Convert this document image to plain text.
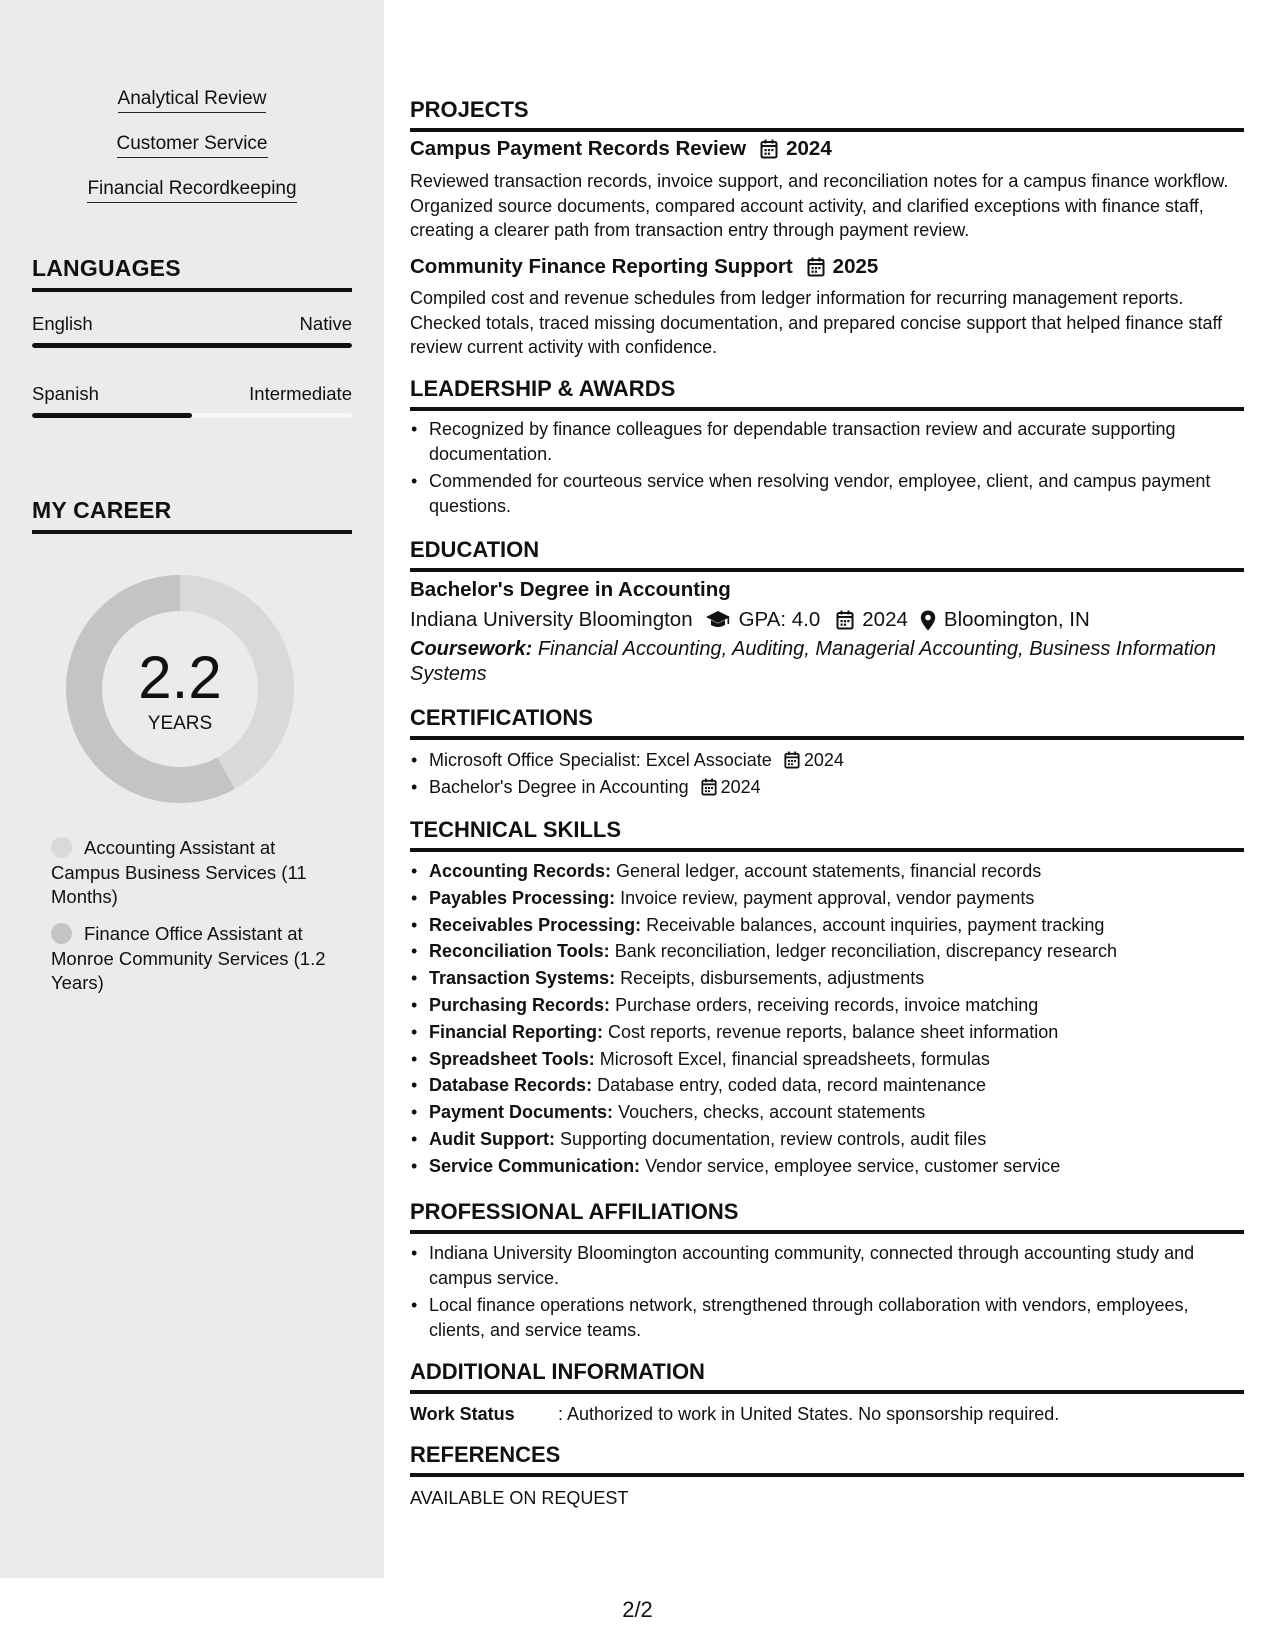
Analytical Review
Customer Service
Financial Recordkeeping
LANGUAGES
English	Native
Spanish	Intermediate
MY CAREER
2.2
YEARS
Accounting Assistant at Campus Business Services (11 Months)
Finance Office Assistant at Monroe Community Services (1.2 Years)
PROJECTS
Campus Payment Records Review 2024
Reviewed transaction records, invoice support, and reconciliation notes for a campus finance workflow. Organized source documents, compared account activity, and clarified exceptions with finance staff, creating a clearer path from transaction entry through payment review.
Community Finance Reporting Support 2025
Compiled cost and revenue schedules from ledger information for recurring management reports. Checked totals, traced missing documentation, and prepared concise support that helped finance staff review current activity with confidence.
LEADERSHIP & AWARDS
• Recognized by finance colleagues for dependable transaction review and accurate supporting documentation.
• Commended for courteous service when resolving vendor, employee, client, and campus payment questions.
EDUCATION
Bachelor's Degree in Accounting
Indiana University Bloomington GPA: 4.0 2024 Bloomington, IN
Coursework: Financial Accounting, Auditing, Managerial Accounting, Business Information Systems
CERTIFICATIONS
• Microsoft Office Specialist: Excel Associate 2024
• Bachelor's Degree in Accounting 2024
TECHNICAL SKILLS
• Accounting Records: General ledger, account statements, financial records
• Payables Processing: Invoice review, payment approval, vendor payments
• Receivables Processing: Receivable balances, account inquiries, payment tracking
• Reconciliation Tools: Bank reconciliation, ledger reconciliation, discrepancy research
• Transaction Systems: Receipts, disbursements, adjustments
• Purchasing Records: Purchase orders, receiving records, invoice matching
• Financial Reporting: Cost reports, revenue reports, balance sheet information
• Spreadsheet Tools: Microsoft Excel, financial spreadsheets, formulas
• Database Records: Database entry, coded data, record maintenance
• Payment Documents: Vouchers, checks, account statements
• Audit Support: Supporting documentation, review controls, audit files
• Service Communication: Vendor service, employee service, customer service
PROFESSIONAL AFFILIATIONS
• Indiana University Bloomington accounting community, connected through accounting study and campus service.
• Local finance operations network, strengthened through collaboration with vendors, employees, clients, and service teams.
ADDITIONAL INFORMATION
Work Status : Authorized to work in United States. No sponsorship required.
REFERENCES
AVAILABLE ON REQUEST
2/2
